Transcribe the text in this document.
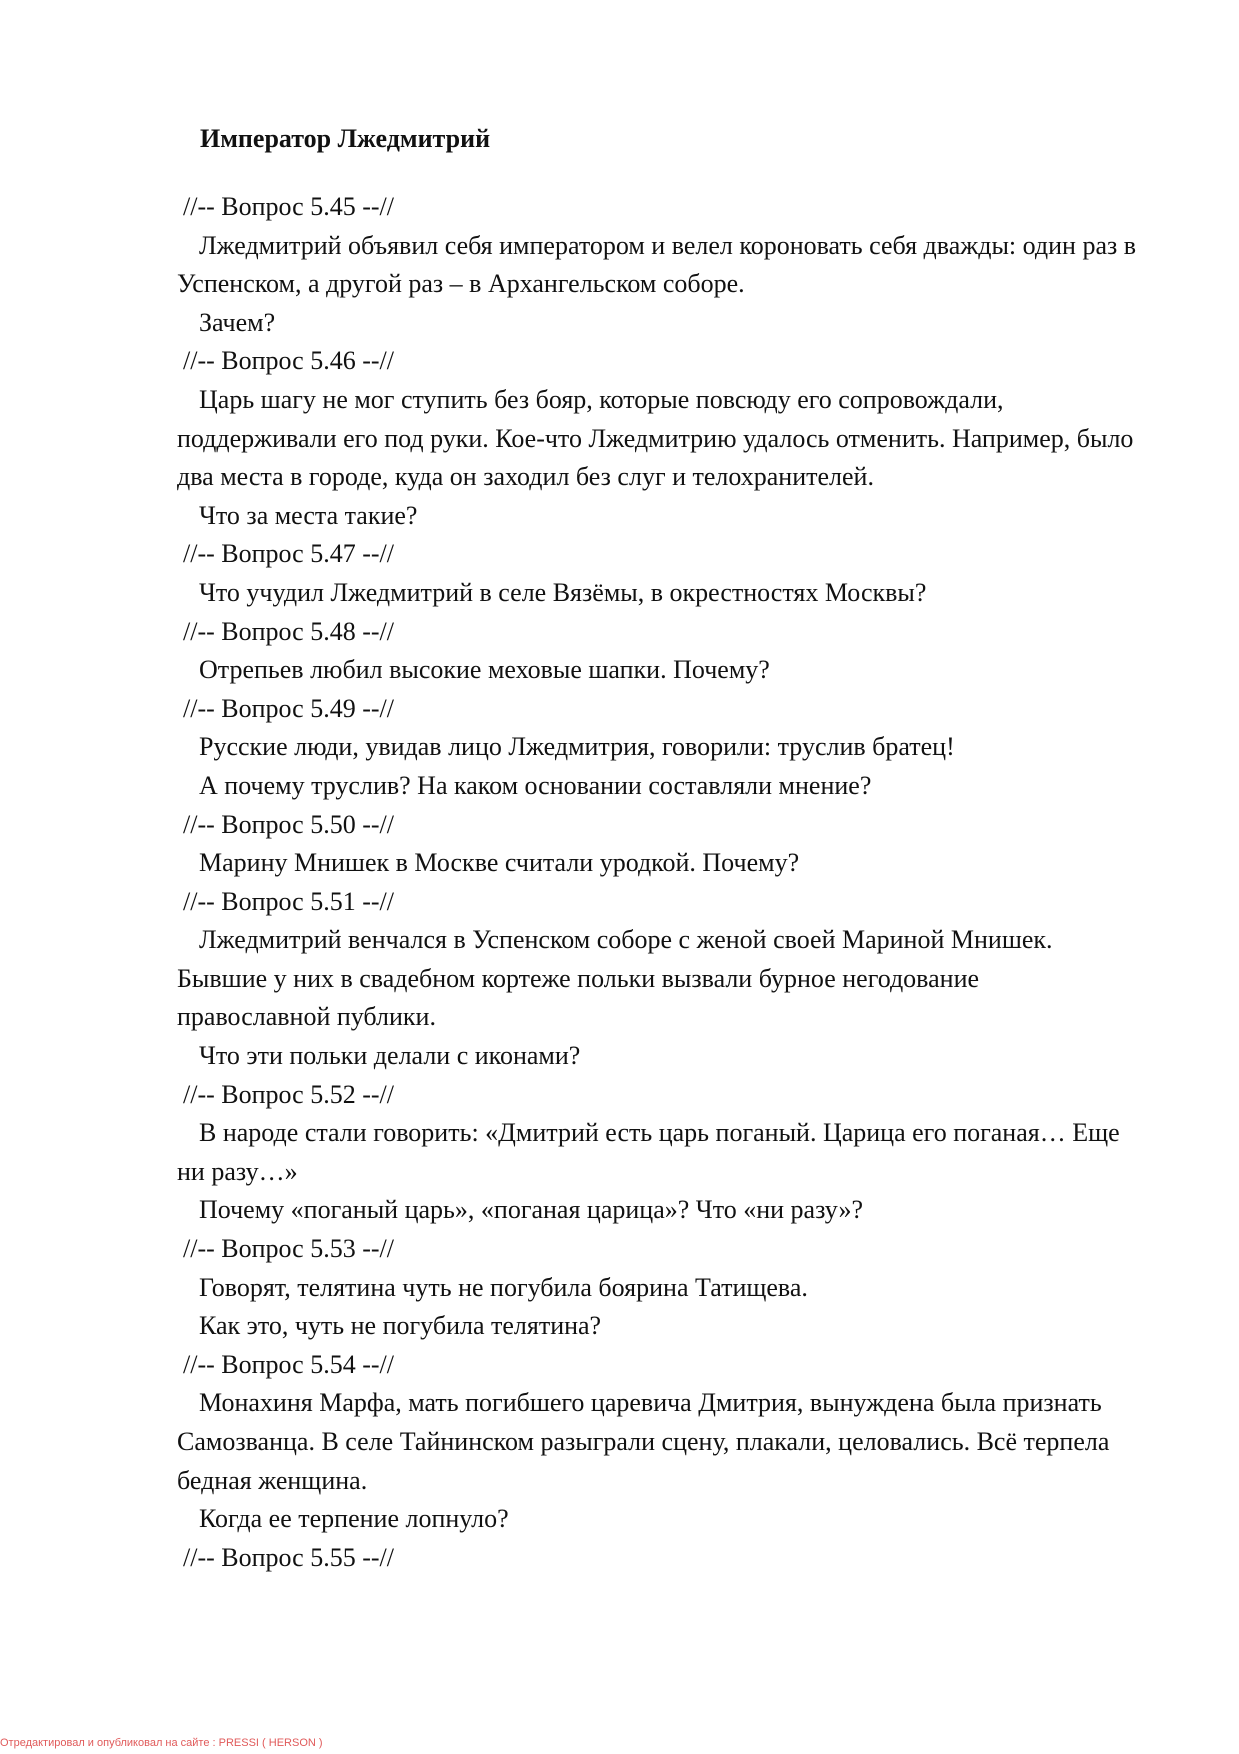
Император Лжедмитрий
//-- Вопрос 5.45 --//
Лжедмитрий объявил себя императором и велел короновать себя дважды: один раз в Успенском, а другой раз – в Архангельском соборе.
Зачем?
//-- Вопрос 5.46 --//
Царь шагу не мог ступить без бояр, которые повсюду его сопровождали, поддерживали его под руки. Кое-что Лжедмитрию удалось отменить. Например, было два места в городе, куда он заходил без слуг и телохранителей.
Что за места такие?
//-- Вопрос 5.47 --//
Что учудил Лжедмитрий в селе Вязёмы, в окрестностях Москвы?
//-- Вопрос 5.48 --//
Отрепьев любил высокие меховые шапки. Почему?
//-- Вопрос 5.49 --//
Русские люди, увидав лицо Лжедмитрия, говорили: труслив братец!
А почему труслив? На каком основании составляли мнение?
//-- Вопрос 5.50 --//
Марину Мнишек в Москве считали уродкой. Почему?
//-- Вопрос 5.51 --//
Лжедмитрий венчался в Успенском соборе с женой своей Мариной Мнишек. Бывшие у них в свадебном кортеже польки вызвали бурное негодование православной публики.
Что эти польки делали с иконами?
//-- Вопрос 5.52 --//
В народе стали говорить: «Дмитрий есть царь поганый. Царица его поганая… Еще ни разу…»
Почему «поганый царь», «поганая царица»? Что «ни разу»?
//-- Вопрос 5.53 --//
Говорят, телятина чуть не погубила боярина Татищева.
Как это, чуть не погубила телятина?
//-- Вопрос 5.54 --//
Монахиня Марфа, мать погибшего царевича Дмитрия, вынуждена была признать Самозванца. В селе Тайнинском разыграли сцену, плакали, целовались. Всё терпела бедная женщина.
Когда ее терпение лопнуло?
//-- Вопрос 5.55 --//
Отредактировал и опубликовал на сайте : PRESSI ( HERSON )
